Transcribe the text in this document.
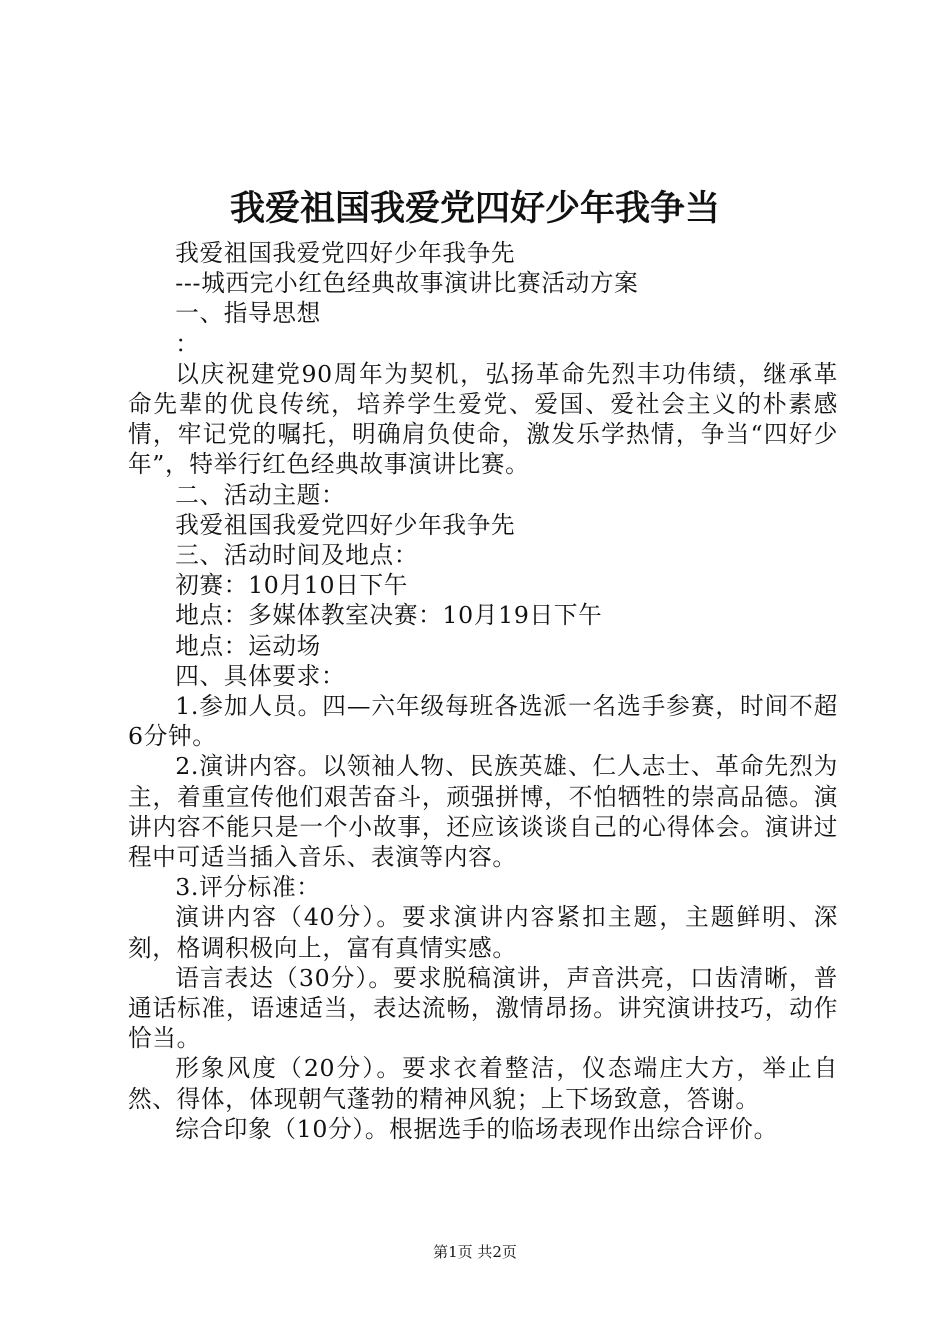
我爱祖国我爱党四好少年我争当

我爱祖国我爱党四好少年我争先

---城西完小红色经典故事演讲比赛活动方案

一、指导思想

：

以庆祝建党90周年为契机，弘扬革命先烈丰功伟绩，继承革命先辈的优良传统，培养学生爱党、爱国、爱社会主义的朴素感情，牢记党的嘱托，明确肩负使命，激发乐学热情，争当“四好少年”，特举行红色经典故事演讲比赛。

二、活动主题：

我爱祖国我爱党四好少年我争先

三、活动时间及地点：

初赛：10月10日下午

地点：多媒体教室决赛：10月19日下午

地点：运动场

四、具体要求：

1.参加人员。四—六年级每班各选派一名选手参赛，时间不超6分钟。

2.演讲内容。以领袖人物、民族英雄、仁人志士、革命先烈为主，着重宣传他们艰苦奋斗，顽强拼博，不怕牺牲的崇高品德。演讲内容不能只是一个小故事，还应该谈谈自己的心得体会。演讲过程中可适当插入音乐、表演等内容。

3.评分标准：

演讲内容（40分）。要求演讲内容紧扣主题，主题鲜明、深刻，格调积极向上，富有真情实感。

语言表达（30分）。要求脱稿演讲，声音洪亮，口齿清晰，普通话标准，语速适当，表达流畅，激情昂扬。讲究演讲技巧，动作恰当。

形象风度（20分）。要求衣着整洁，仪态端庄大方，举止自然、得体，体现朝气蓬勃的精神风貌；上下场致意，答谢。

综合印象（10分）。根据选手的临场表现作出综合评价。

第1页 共2页
